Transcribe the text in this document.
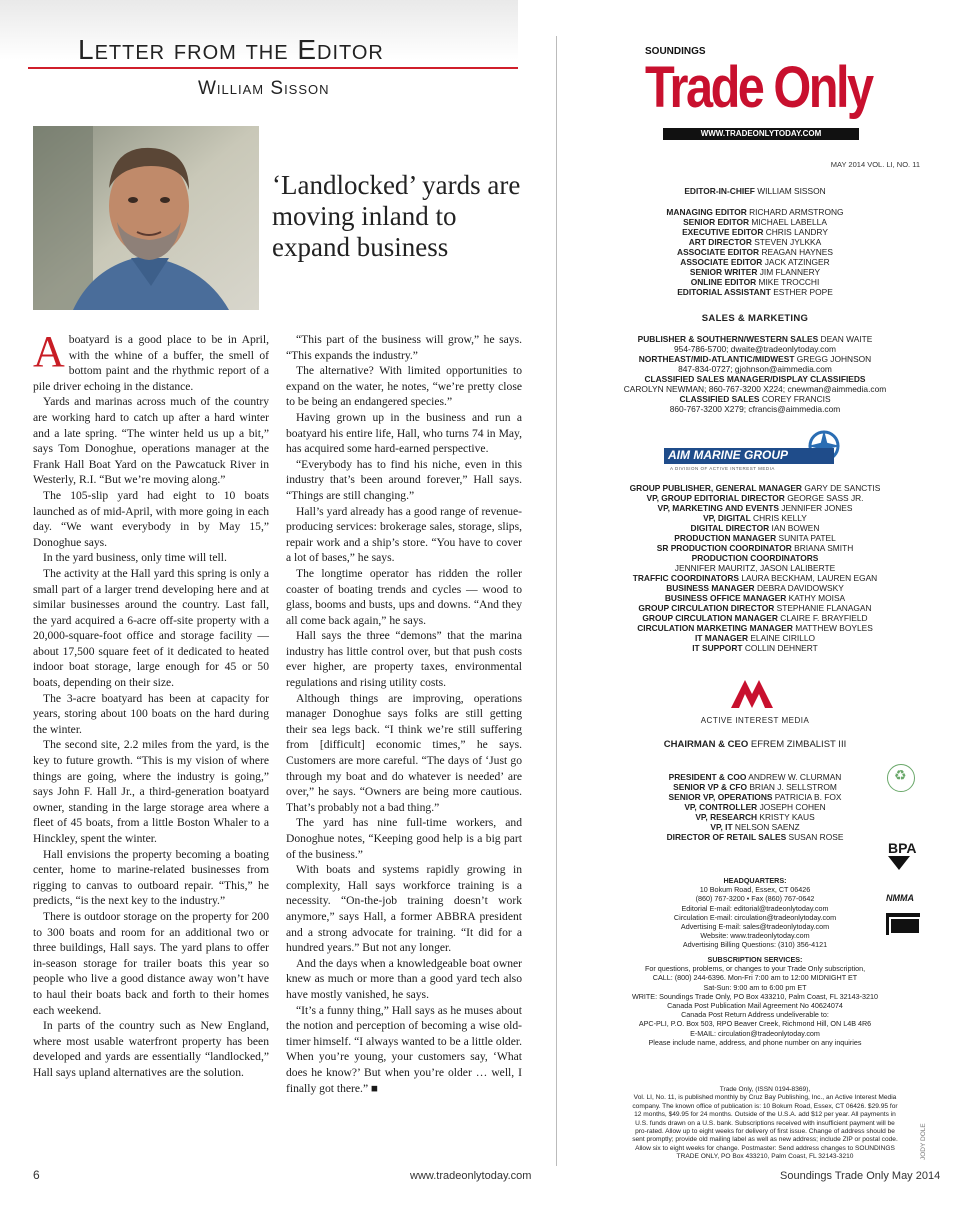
Letter from the Editor
William Sisson
‘Landlocked’ yards are moving inland to expand business

Aboatyard is a good place to be in April, with the whine of a buffer, the smell of bottom paint and the rhythmic report of a pile driver echoing in the distance.

Yards and marinas across much of the country are working hard to catch up after a hard winter and a late spring. “The winter held us up a bit,” says Tom Donoghue, operations manager at the Frank Hall Boat Yard on the Pawcatuck River in Westerly, R.I. “But we’re moving along.”

The 105-slip yard had eight to 10 boats launched as of mid-April, with more going in each day. “We want everybody in by May 15,” Donoghue says.

In the yard business, only time will tell.

The activity at the Hall yard this spring is only a small part of a larger trend developing here and at similar businesses around the country. Last fall, the yard acquired a 6-acre off-site property with a 20,000-square-foot office and storage facility — about 17,500 square feet of it dedicated to heated indoor boat storage, large enough for 45 or 50 boats, depending on their size.

The 3-acre boatyard has been at capacity for years, storing about 100 boats on the hard during the winter.

The second site, 2.2 miles from the yard, is the key to future growth. “This is my vision of where things are going, where the industry is going,” says John F. Hall Jr., a third-generation boatyard owner, standing in the large storage area where a fleet of 45 boats, from a little Boston Whaler to a Hinckley, spent the winter.

Hall envisions the property becoming a boating center, home to marine-related businesses from rigging to canvas to outboard repair. “This,” he predicts, “is the next key to the industry.”

There is outdoor storage on the property for 200 to 300 boats and room for an additional two or three buildings, Hall says. The yard plans to offer in-season storage for trailer boats this year so people who live a good distance away won’t have to haul their boats back and forth to their homes each weekend.

In parts of the country such as New England, where most usable waterfront property has been developed and yards are essentially “landlocked,” Hall says upland alternatives are the solution.

“This part of the business will grow,” he says. “This expands the industry.”

The alternative? With limited opportunities to expand on the water, he notes, “we’re pretty close to be being an endangered species.”

Having grown up in the business and run a boatyard his entire life, Hall, who turns 74 in May, has acquired some hard-earned perspective.

“Everybody has to find his niche, even in this industry that’s been around forever,” Hall says. “Things are still changing.”

Hall’s yard already has a good range of revenue-producing services: brokerage sales, storage, slips, repair work and a ship’s store. “You have to cover a lot of bases,” he says.

The longtime operator has ridden the roller coaster of boating trends and cycles — wood to glass, booms and busts, ups and downs. “And they all come back again,” he says.

Hall says the three “demons” that the marina industry has little control over, but that push costs ever higher, are property taxes, environmental regulations and rising utility costs.

Although things are improving, operations manager Donoghue says folks are still getting their sea legs back. “I think we’re still suffering from [difficult] economic times,” he says. Customers are more careful. “The days of ‘Just go through my boat and do whatever is needed’ are over,” he says. “Owners are being more cautious. That’s probably not a bad thing.”

The yard has nine full-time workers, and Donoghue notes, “Keeping good help is a big part of the business.”

With boats and systems rapidly growing in complexity, Hall says workforce training is a necessity. “On-the-job training doesn’t work anymore,” says Hall, a former ABBRA president and a strong advocate for training. “It did for a hundred years.” But not any longer.

And the days when a knowledgeable boat owner knew as much or more than a good yard tech also have mostly vanished, he says.

“It’s a funny thing,” Hall says as he muses about the notion and perception of becoming a wise old-timer himself. “I always wanted to be a little older. When you’re young, your customers say, ‘What does he know?’ But when you’re older … well, I finally got there.” ■

6	www.tradeonlytoday.com	Soundings Trade Only May 2014
SOUNDINGS
Trade Only
WWW.TRADEONLYTODAY.COM
MAY 2014 VOL. LI, NO. 11
EDITOR-IN-CHIEF WILLIAM SISSON
MANAGING EDITOR RICHARD ARMSTRONG
SENIOR EDITOR MICHAEL LABELLA
EXECUTIVE EDITOR CHRIS LANDRY
ART DIRECTOR STEVEN JYLKKA
ASSOCIATE EDITOR REAGAN HAYNES
ASSOCIATE EDITOR JACK ATZINGER
SENIOR WRITER JIM FLANNERY
ONLINE EDITOR MIKE TROCCHI
EDITORIAL ASSISTANT ESTHER POPE
SALES & MARKETING
PUBLISHER & SOUTHERN/WESTERN SALES DEAN WAITE
954-786-5700; dwaite@tradeonlytoday.com
NORTHEAST/MID-ATLANTIC/MIDWEST GREGG JOHNSON
847-834-0727; gjohnson@aimmedia.com
CLASSIFIED SALES MANAGER/DISPLAY CLASSIFIEDS
CAROLYN NEWMAN; 860-767-3200 X224; cnewman@aimmedia.com
CLASSIFIED SALES COREY FRANCIS
860-767-3200 X279; cfrancis@aimmedia.com
AIM MARINE GROUP
A DIVISION OF ACTIVE INTEREST MEDIA
GROUP PUBLISHER, GENERAL MANAGER GARY DE SANCTIS
VP, GROUP EDITORIAL DIRECTOR GEORGE SASS JR.
VP, MARKETING AND EVENTS JENNIFER JONES
VP, DIGITAL CHRIS KELLY
DIGITAL DIRECTOR IAN BOWEN
PRODUCTION MANAGER SUNITA PATEL
SR PRODUCTION COORDINATOR BRIANA SMITH
PRODUCTION COORDINATORS
JENNIFER MAURITZ, JASON LALIBERTE
TRAFFIC COORDINATORS LAURA BECKHAM, LAUREN EGAN
BUSINESS MANAGER DEBRA DAVIDOWSKY
BUSINESS OFFICE MANAGER KATHY MOISA
GROUP CIRCULATION DIRECTOR STEPHANIE FLANAGAN
GROUP CIRCULATION MANAGER CLAIRE F. BRAYFIELD
CIRCULATION MARKETING MANAGER MATTHEW BOYLES
IT MANAGER ELAINE CIRILLO
IT SUPPORT COLLIN DEHNERT
ACTIVE INTEREST MEDIA
CHAIRMAN & CEO EFREM ZIMBALIST III
PRESIDENT & COO ANDREW W. CLURMAN
SENIOR VP & CFO BRIAN J. SELLSTROM
SENIOR VP, OPERATIONS PATRICIA B. FOX
VP, CONTROLLER JOSEPH COHEN
VP, RESEARCH KRISTY KAUS
VP, IT NELSON SAENZ
DIRECTOR OF RETAIL SALES SUSAN ROSE
♻
BPA
NMMA
HEADQUARTERS:
10 Bokum Road, Essex, CT 06426
(860) 767-3200 • Fax (860) 767-0642
Editorial E-mail: editorial@tradeonlytoday.com
Circulation E-mail: circulation@tradeonlytoday.com
Advertising E-mail: sales@tradeonlytoday.com
Website: www.tradeonlytoday.com
Advertising Billing Questions: (310) 356-4121
SUBSCRIPTION SERVICES:
For questions, problems, or changes to your Trade Only subscription,
CALL: (800) 244-6396. Mon-Fri 7:00 am to 12:00 MIDNIGHT ET
Sat-Sun: 9:00 am to 6:00 pm ET
WRITE: Soundings Trade Only, PO Box 433210, Palm Coast, FL 32143-3210
Canada Post Publication Mail Agreement No 40624074
Canada Post Return Address undeliverable to:
APC-PLI, P.O. Box 503, RPO Beaver Creek, Richmond Hill, ON L4B 4R6
E-MAIL: circulation@tradeonlytoday.com
Please include name, address, and phone number on any inquiries
Trade Only, (ISSN 0194-8369),
Vol. LI, No. 11, is published monthly by Cruz Bay Publishing, Inc., an Active Interest Media
company. The known office of publication is: 10 Bokum Road, Essex, CT 06426. $29.95 for
12 months, $49.95 for 24 months. Outside of the U.S.A. add $12 per year. All payments in
U.S. funds drawn on a U.S. bank. Subscriptions received with insufficient payment will be
pro-rated. Allow up to eight weeks for delivery of first issue. Change of address should be
sent promptly; provide old mailing label as well as new address; include ZIP or postal code.
Allow six to eight weeks for change. Postmaster: Send address changes to SOUNDINGS
TRADE ONLY, PO Box 433210, Palm Coast, FL 32143-3210	JODY DOLE
